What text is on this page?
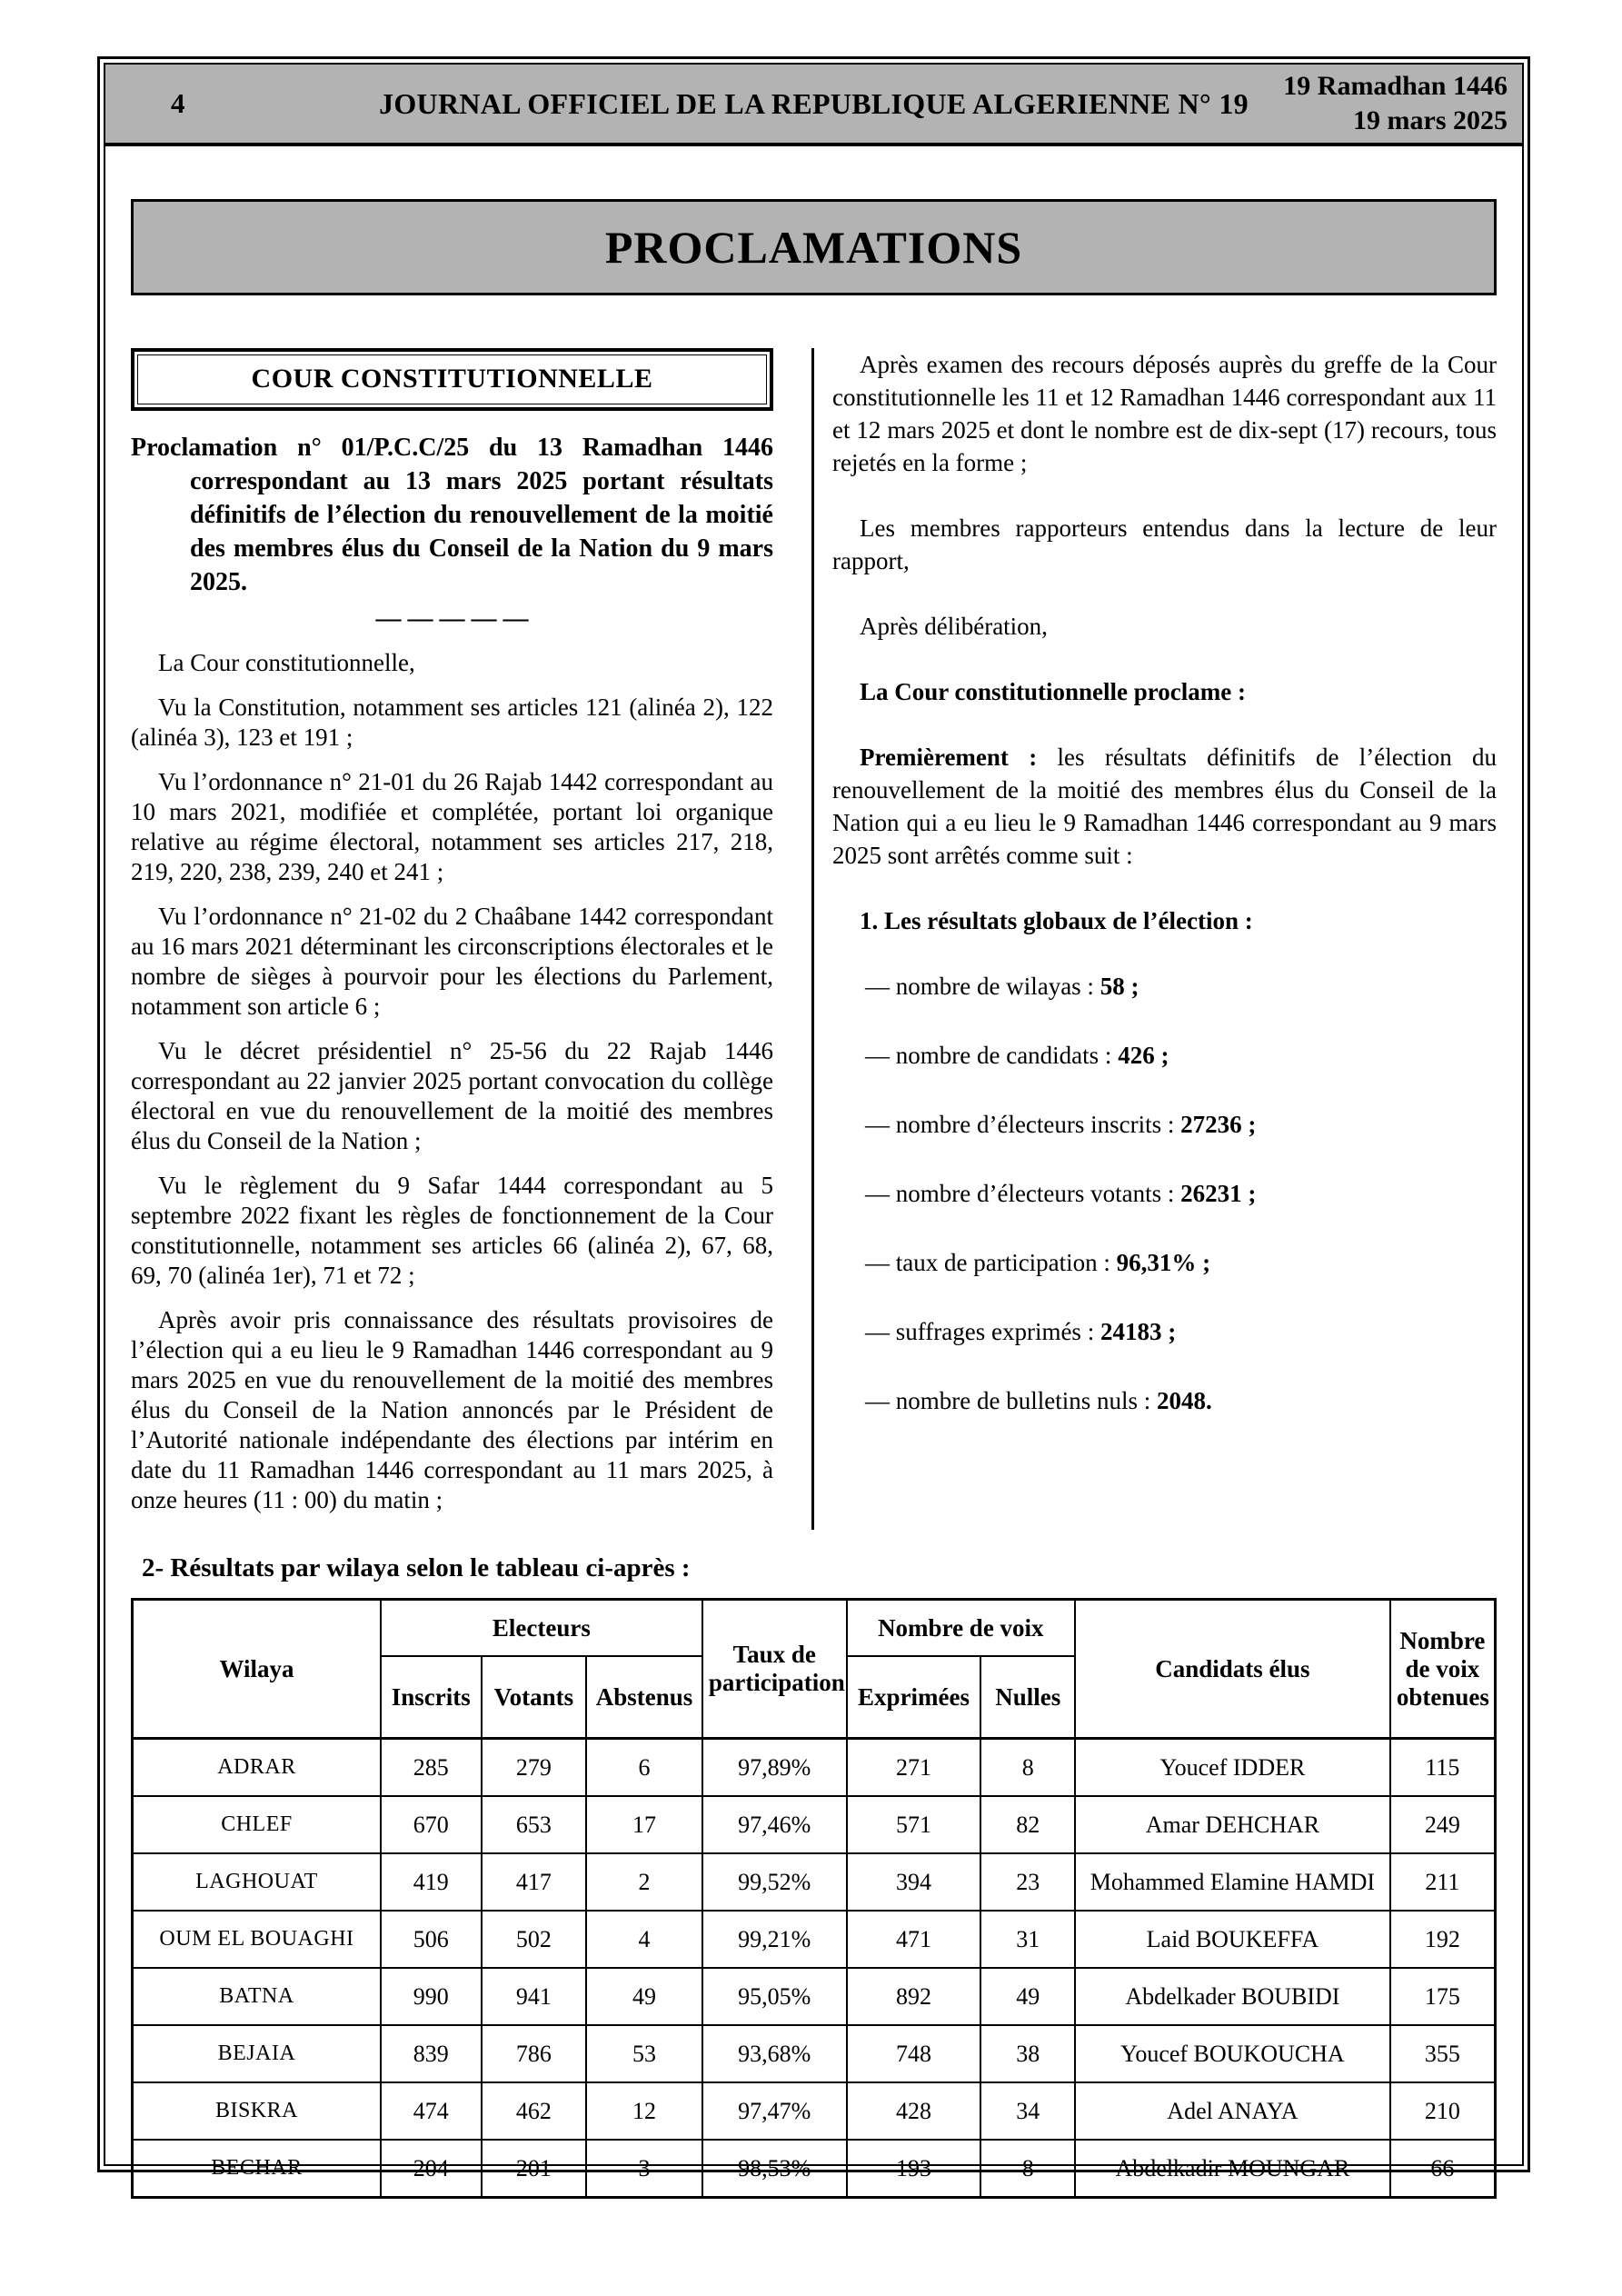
4	JOURNAL OFFICIEL DE LA REPUBLIQUE ALGERIENNE N° 19
19 Ramadhan 1446
19 mars 2025
PROCLAMATIONS
COUR CONSTITUTIONNELLE
Proclamation n° 01/P.C.C/25 du 13 Ramadhan 1446 correspondant au 13 mars 2025 portant résultats définitifs de l’élection du renouvellement de la moitié des membres élus du Conseil de la Nation du 9 mars 2025.
— — — — —
La Cour constitutionnelle,
Vu la Constitution, notamment ses articles 121 (alinéa 2), 122 (alinéa 3), 123 et 191 ;
Vu l’ordonnance n° 21-01 du 26 Rajab 1442 correspondant au 10 mars 2021, modifiée et complétée, portant loi organique relative au régime électoral, notamment ses articles 217, 218, 219, 220, 238, 239, 240 et 241 ;
Vu l’ordonnance n° 21-02 du 2 Chaâbane 1442 correspondant au 16 mars 2021 déterminant les circonscriptions électorales et le nombre de sièges à pourvoir pour les élections du Parlement, notamment son article 6 ;
Vu le décret présidentiel n° 25-56 du 22 Rajab 1446 correspondant au 22 janvier 2025 portant convocation du collège électoral en vue du renouvellement de la moitié des membres élus du Conseil de la Nation ;
Vu le règlement du 9 Safar 1444 correspondant au 5 septembre 2022 fixant les règles de fonctionnement de la Cour constitutionnelle, notamment ses articles 66 (alinéa 2), 67, 68, 69, 70 (alinéa 1er), 71 et 72 ;
Après avoir pris connaissance des résultats provisoires de l’élection qui a eu lieu le 9 Ramadhan 1446 correspondant au 9 mars 2025 en vue du renouvellement de la moitié des membres élus du Conseil de la Nation annoncés par le Président de l’Autorité nationale indépendante des élections par intérim en date du 11 Ramadhan 1446 correspondant au 11 mars 2025, à onze heures (11 : 00) du matin ;
Après examen des recours déposés auprès du greffe de la Cour constitutionnelle les 11 et 12 Ramadhan 1446 correspondant aux 11 et 12 mars 2025 et dont le nombre est de dix-sept (17) recours, tous rejetés en la forme ;
Les membres rapporteurs entendus dans la lecture de leur rapport,
Après délibération,
La Cour constitutionnelle proclame :
Premièrement : les résultats définitifs de l’élection du renouvellement de la moitié des membres élus du Conseil de la Nation qui a eu lieu le 9 Ramadhan 1446 correspondant au 9 mars 2025 sont arrêtés comme suit :
1. Les résultats globaux de l’élection :
— nombre de wilayas : 58 ;
— nombre de candidats : 426 ;
— nombre d’électeurs inscrits : 27236 ;
— nombre d’électeurs votants : 26231 ;
— taux de participation : 96,31% ;
— suffrages exprimés : 24183 ;
— nombre de bulletins nuls : 2048.
2- Résultats par wilaya selon le tableau ci-après :
Wilaya	Electeurs			Taux de participation	Nombre de voix		Candidats élus	Nombre de voix obtenues
	Inscrits	Votants	Abstenus		Exprimées	Nulles		
ADRAR	285	279	6	97,89%	271	8	Youcef IDDER	115
CHLEF	670	653	17	97,46%	571	82	Amar DEHCHAR	249
LAGHOUAT	419	417	2	99,52%	394	23	Mohammed Elamine HAMDI	211
OUM EL BOUAGHI	506	502	4	99,21%	471	31	Laid BOUKEFFA	192
BATNA	990	941	49	95,05%	892	49	Abdelkader BOUBIDI	175
BEJAIA	839	786	53	93,68%	748	38	Youcef BOUKOUCHA	355
BISKRA	474	462	12	97,47%	428	34	Adel ANAYA	210
BECHAR	204	201	3	98,53%	193	8	Abdelkadir MOUNGAR	66
